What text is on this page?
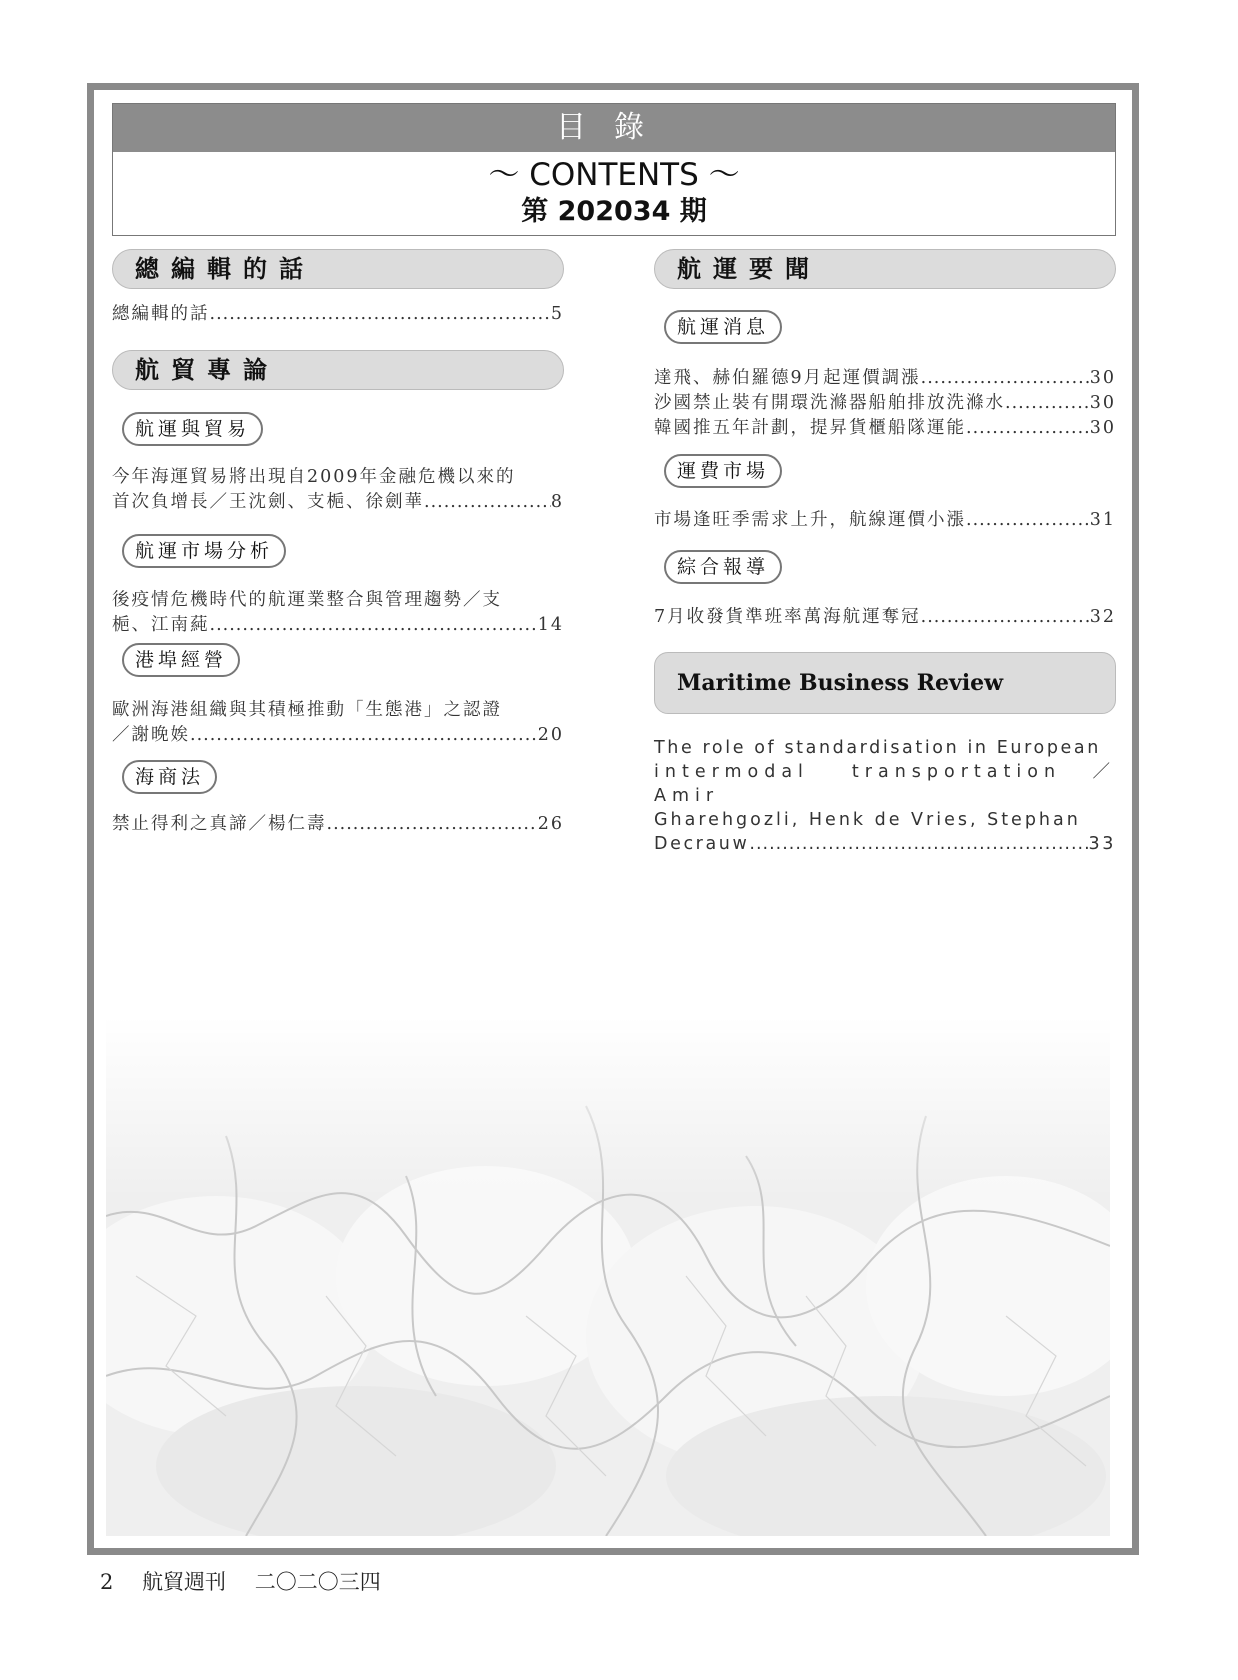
目錄
～ CONTENTS ～
第 202034 期
總編輯的話
總編輯的話 .....	5
航貿專論
航運與貿易
今年海運貿易將出現自2009年金融危機以來的
首次負增長／王沈劍、支梔、徐劍華 .....	8
航運市場分析
後疫情危機時代的航運業整合與管理趨勢／支
梔、江南蒓 .....	14
港埠經營
歐洲海港組織與其積極推動「生態港」之認證
／謝晚娭 .....	20
海商法
禁止得利之真諦／楊仁壽 .....	26
航運要聞
航運消息
達飛、赫伯羅德9月起運價調漲 .....	30
沙國禁止裝有開環洗滌器船舶排放洗滌水 .....	30
韓國推五年計劃，提昇貨櫃船隊運能 .....	30
運費市場
市場逢旺季需求上升，航線運價小漲 .....	31
綜合報導
7月收發貨準班率萬海航運奪冠 .....	32
Maritime Business Review
The role of standardisation in European
intermodal transportation／Amir
Gharehgozli, Henk de Vries, Stephan
Decrauw .....	33
2 航貿週刊 二〇二〇三四
